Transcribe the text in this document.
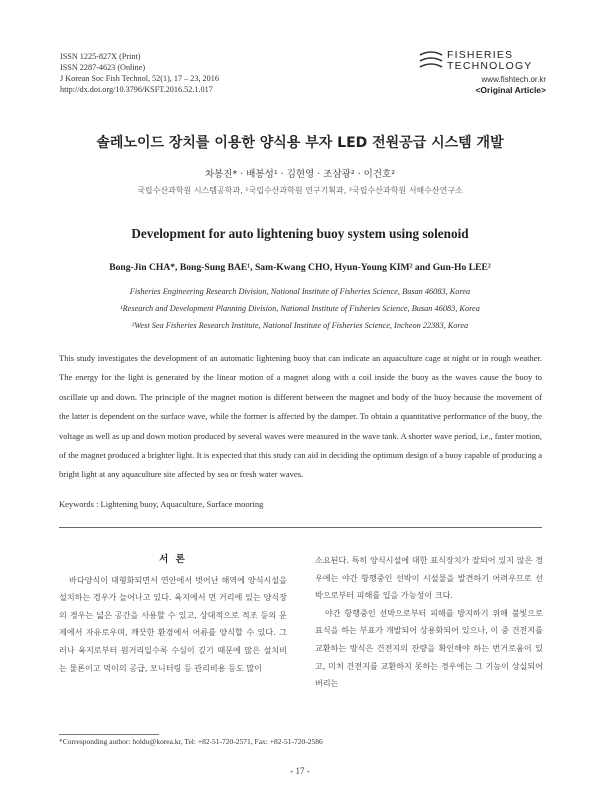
ISSN 1225-827X (Print)
ISSN 2287-4623 (Online)
J Korean Soc Fish Technol, 52(1), 17 – 23, 2016
http://dx.doi.org/10.3796/KSFT.2016.52.1.017
FISHERIES
TECHNOLOGY
www.fishtech.or.kr
<Original Article>
솔레노이드 장치를 이용한 양식용 부자 LED 전원공급 시스템 개발
차봉진* · 배봉성¹ · 김현영 · 조삼광² · 이건호²
국립수산과학원 시스템공학과, ¹국립수산과학원 연구기획과, ²국립수산과학원 서해수산연구소
Development for auto lightening buoy system using solenoid
Bong-Jin CHA*, Bong-Sung BAE¹, Sam-Kwang CHO, Hyun-Young KIM² and Gun-Ho LEE²
Fisheries Engineering Research Division, National Institute of Fisheries Science, Busan 46083, Korea
¹Research and Development Planning Division, National Institute of Fisheries Science, Busan 46083, Korea
²West Sea Fisheries Research Institute, National Institute of Fisheries Science, Incheon 22383, Korea
This study investigates the development of an automatic lightening buoy that can indicate an aquaculture cage at night or in rough weather. The energy for the light is generated by the linear motion of a magnet along with a coil inside the buoy as the waves cause the buoy to oscillate up and down. The principle of the magnet motion is different between the magnet and body of the buoy because the movement of the latter is dependent on the surface wave, while the former is affected by the damper. To obtain a quantitative performance of the buoy, the voltage as well as up and down motion produced by several waves were measured in the wave tank. A shorter wave period, i.e., faster motion, of the magnet produced a brighter light. It is expected that this study can aid in deciding the optimum design of a buoy capable of producing a bright light at any aquaculture site affected by sea or fresh water waves.
Keywords : Lightening buoy, Aquaculture, Surface mooring
서 론
바다양식이 대형화되면서 연안에서 벗어난 해역에 양식시설을 설치하는 경우가 늘어나고 있다. 육지에서 먼 거리에 있는 양식장의 경우는 넓은 공간을 사용할 수 있고, 상대적으로 적조 등의 문제에서 자유로우며, 깨끗한 환경에서 어류를 양식할 수 있다. 그러나 육지로부터 원거리일수록 수심이 깊기 때문에 많은 설치비는 물론이고 먹이의 공급, 모니터링 등 관리비용 등도 많이
소요된다. 특히 양식시설에 대한 표식장치가 잘되어 있지 않은 경우에는 야간 항행중인 선박이 시설물을 발견하기 어려우므로 선박으로부터 피해를 입을 가능성이 크다.
야간 항행중인 선박으로부터 피해를 방지하기 위해 불빛으로 표식을 하는 부표가 개발되어 상용화되어 있으나, 이 중 건전지를 교환하는 방식은 건전지의 잔량을 확인해야 하는 번거로움이 있고, 미처 건전지를 교환하지 못하는 경우에는 그 기능이 상실되어 버리는
*Corresponding author: holdu@korea.kr, Tel: +82-51-720-2571, Fax: +82-51-720-2586
- 17 -
